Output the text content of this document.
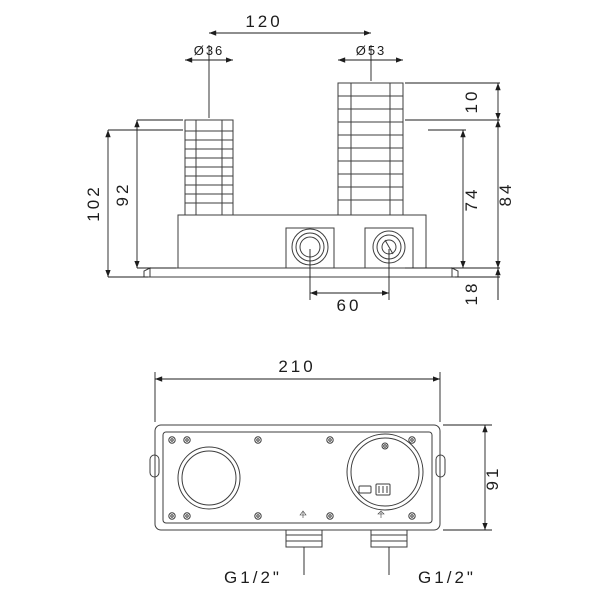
120
Ø36	Ø53
102 92
10
84
74
18
60
210
91
G1/2"	G1/2"
